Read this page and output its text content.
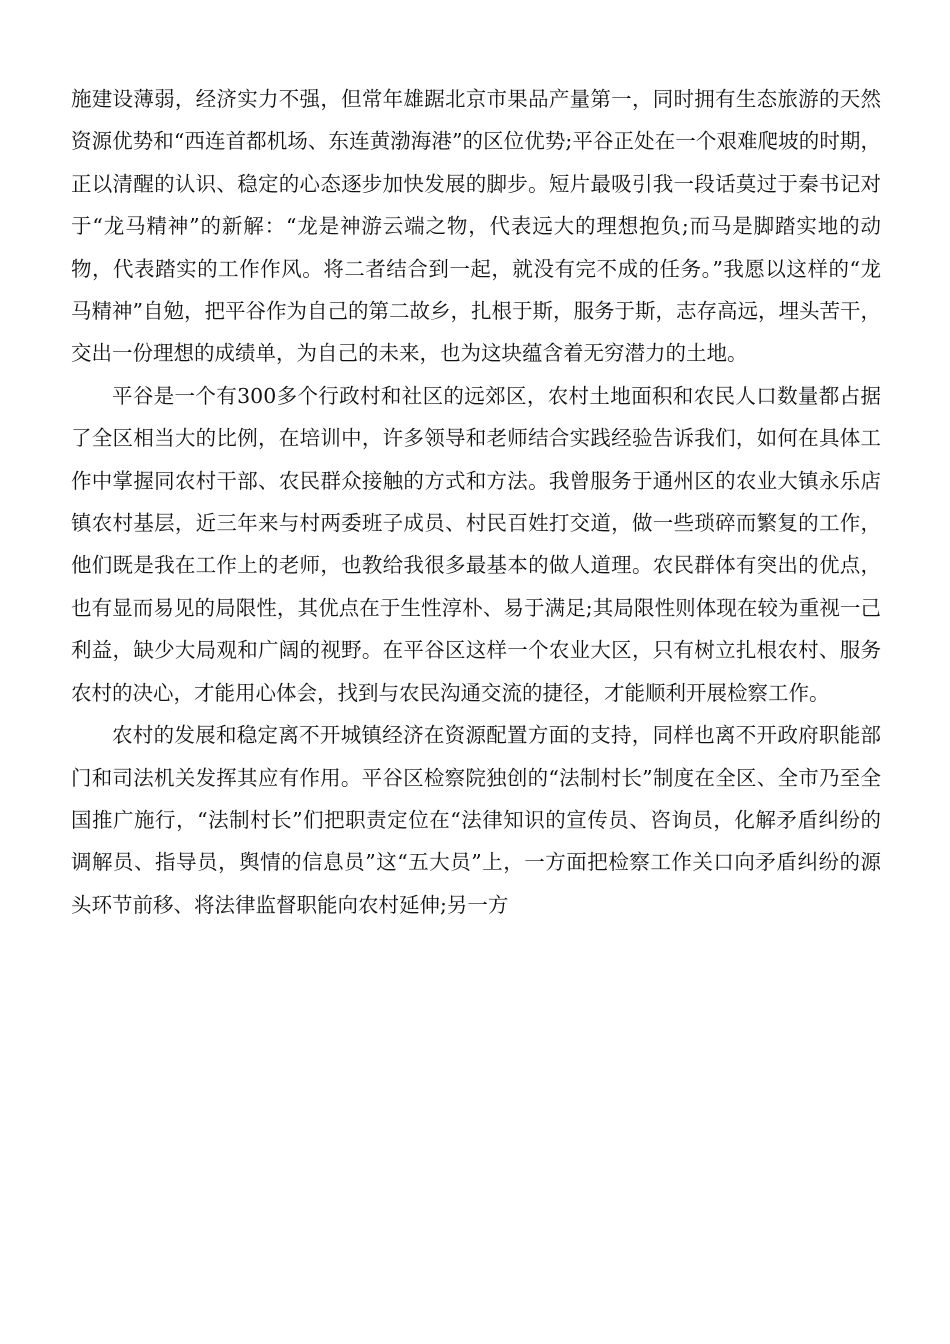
施建设薄弱，经济实力不强，但常年雄踞北京市果品产量第一，同时拥有生态旅游的天然资源优势和“西连首都机场、东连黄渤海港”的区位优势;平谷正处在一个艰难爬坡的时期，正以清醒的认识、稳定的心态逐步加快发展的脚步。短片最吸引我一段话莫过于秦书记对于“龙马精神”的新解：“龙是神游云端之物，代表远大的理想抱负;而马是脚踏实地的动物，代表踏实的工作作风。将二者结合到一起，就没有完不成的任务。”我愿以这样的“龙马精神”自勉，把平谷作为自己的第二故乡，扎根于斯，服务于斯，志存高远，埋头苦干，交出一份理想的成绩单，为自己的未来，也为这块蕴含着无穷潜力的土地。

平谷是一个有300多个行政村和社区的远郊区，农村土地面积和农民人口数量都占据了全区相当大的比例，在培训中，许多领导和老师结合实践经验告诉我们，如何在具体工作中掌握同农村干部、农民群众接触的方式和方法。我曾服务于通州区的农业大镇永乐店镇农村基层，近三年来与村两委班子成员、村民百姓打交道，做一些琐碎而繁复的工作，他们既是我在工作上的老师，也教给我很多最基本的做人道理。农民群体有突出的优点，也有显而易见的局限性，其优点在于生性淳朴、易于满足;其局限性则体现在较为重视一己利益，缺少大局观和广阔的视野。在平谷区这样一个农业大区，只有树立扎根农村、服务农村的决心，才能用心体会，找到与农民沟通交流的捷径，才能顺利开展检察工作。

农村的发展和稳定离不开城镇经济在资源配置方面的支持，同样也离不开政府职能部门和司法机关发挥其应有作用。平谷区检察院独创的“法制村长”制度在全区、全市乃至全国推广施行，“法制村长”们把职责定位在“法律知识的宣传员、咨询员，化解矛盾纠纷的调解员、指导员，舆情的信息员”这“五大员”上，一方面把检察工作关口向矛盾纠纷的源头环节前移、将法律监督职能向农村延伸;另一方
